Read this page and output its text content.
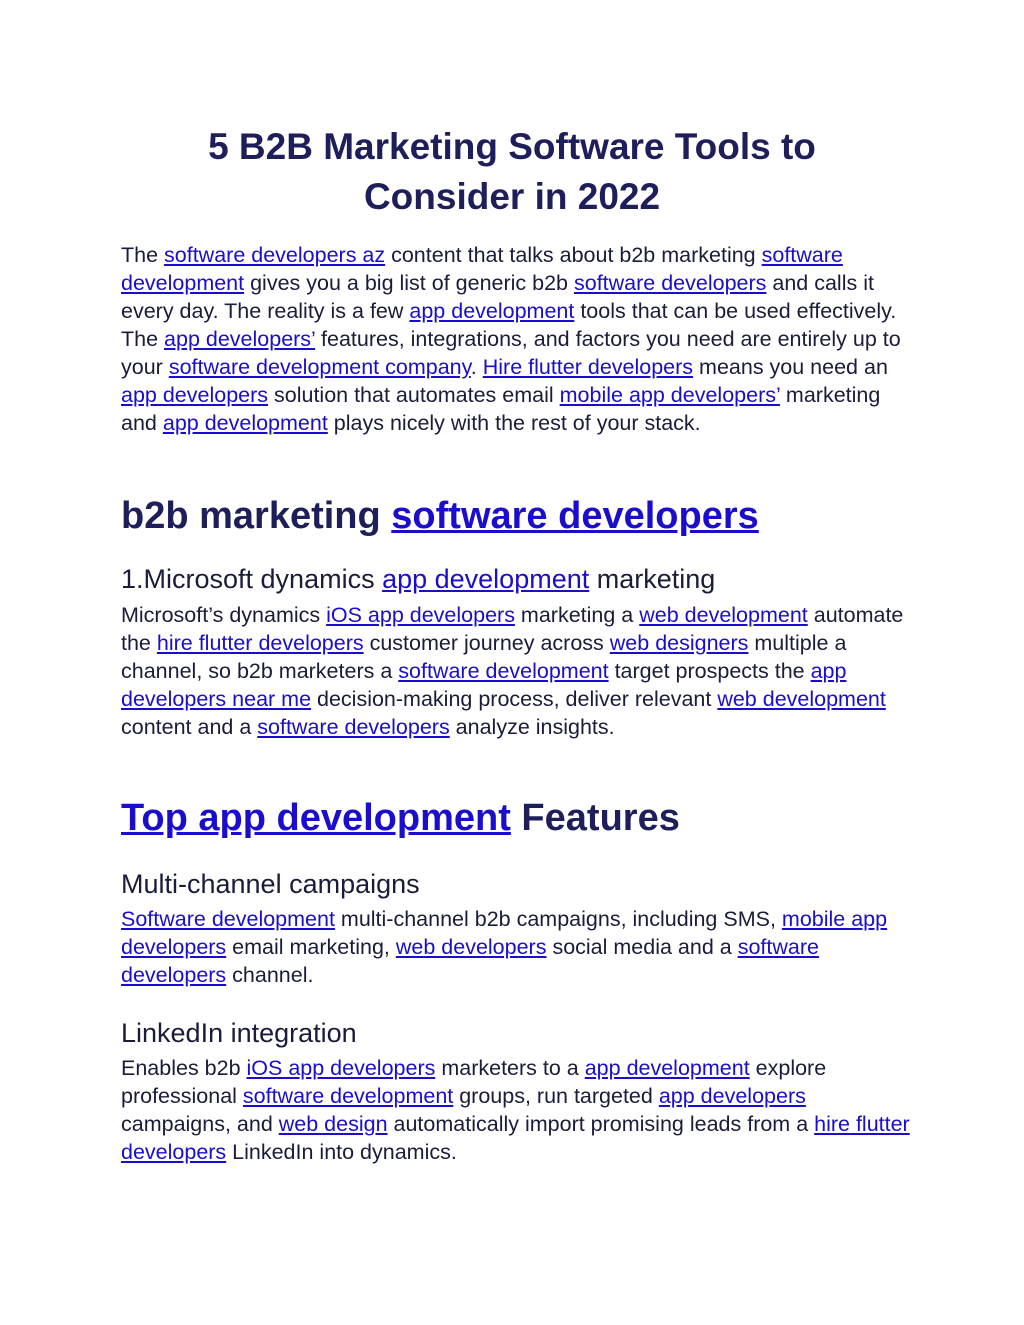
5 B2B Marketing Software Tools to
Consider in 2022

The software developers az content that talks about b2b marketing software development gives you a big list of generic b2b software developers and calls it every day. The reality is a few app development tools that can be used effectively. The app developers’ features, integrations, and factors you need are entirely up to your software development company. Hire flutter developers means you need an app developers solution that automates email mobile app developers’ marketing and app development plays nicely with the rest of your stack.

b2b marketing software developers
1.Microsoft dynamics app development marketing

Microsoft’s dynamics iOS app developers marketing a web development automate the hire flutter developers customer journey across web designers multiple a channel, so b2b marketers a software development target prospects the app developers near me decision-making process, deliver relevant web development content and a software developers analyze insights.

Top app development Features
Multi-channel campaigns

Software development multi-channel b2b campaigns, including SMS, mobile app developers email marketing, web developers social media and a software developers channel.

LinkedIn integration

Enables b2b iOS app developers marketers to a app development explore professional software development groups, run targeted app developers campaigns, and web design automatically import promising leads from a hire flutter developers LinkedIn into dynamics.
